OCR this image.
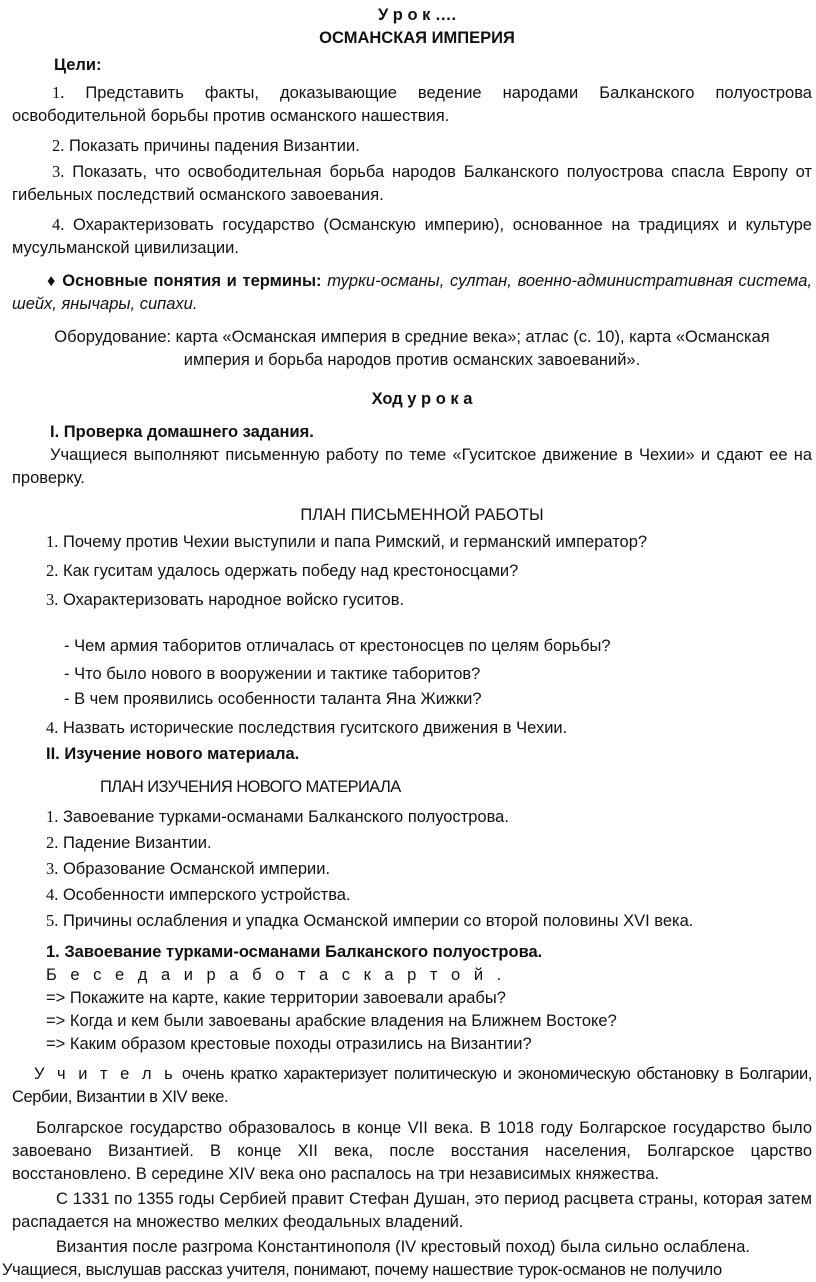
У р о к ….

ОСМАНСКАЯ ИМПЕРИЯ

Цели:

1. Представить факты, доказывающие ведение народами Балканского полуострова освободительной борьбы против османского нашествия.

2. Показать причины падения Византии.

3. Показать, что освободительная борьба народов Балканского полуострова спасла Европу от гибельных последствий османского завоевания.

4. Охарактеризовать государство (Османскую империю), основанное на традициях и культуре мусульманской цивилизации.

♦ Основные понятия и термины: турки-османы, султан, военно-административная система, шейх, янычары, сипахи.

Оборудование: карта «Османская империя в средние века»; атлас (с. 10), карта «Османская империя и борьба народов против османских завоеваний».

Ход у р о к а

I. Проверка домашнего задания.

Учащиеся выполняют письменную работу по теме «Гуситское движение в Чехии» и сдают ее на проверку.

ПЛАН ПИСЬМЕННОЙ РАБОТЫ

1. Почему против Чехии выступили и папа Римский, и германский император?
2. Как гуситам удалось одержать победу над крестоносцами?
3. Охарактеризовать народное войско гуситов.

- Чем армия таборитов отличалась от крестоносцев по целям борьбы?

- Что было нового в вооружении и тактике таборитов?

- В чем проявились особенности таланта Яна Жижки?

4. Назвать исторические последствия гуситского движения в Чехии.

II. Изучение нового материала.

ПЛАН ИЗУЧЕНИЯ НОВОГО МАТЕРИАЛА

1. Завоевание турками-османами Балканского полуострова.
2. Падение Византии.
3. Образование Османской империи.
4. Особенности имперского устройства.
5. Причины ослабления и упадка Османской империи со второй половины XVI века.

1. Завоевание турками-османами Балканского полуострова.

Б е с е д а и р а б о т а с к а р т о й .

=> Покажите на карте, какие территории завоевали арабы?

=> Когда и кем были завоеваны арабские владения на Ближнем Востоке?

=> Каким образом крестовые походы отразились на Византии?

У ч и т е л ь очень кратко характеризует политическую и экономическую обстановку в Болгарии, Сербии, Византии в XIV веке.

Болгарское государство образовалось в конце VII века. В 1018 году Болгарское государство было завоевано Византией. В конце XII века, после восстания населения, Болгарское царство восстановлено. В середине XIV века оно распалось на три независимых княжества.

С 1331 по 1355 годы Сербией правит Стефан Душан, это период расцвета страны, которая затем распадается на множество мелких феодальных владений.

Византия после разгрома Константинополя (IV крестовый поход) была сильно ослаблена.

Учащиеся, выслушав рассказ учителя, понимают, почему нашествие турок-османов не получило
